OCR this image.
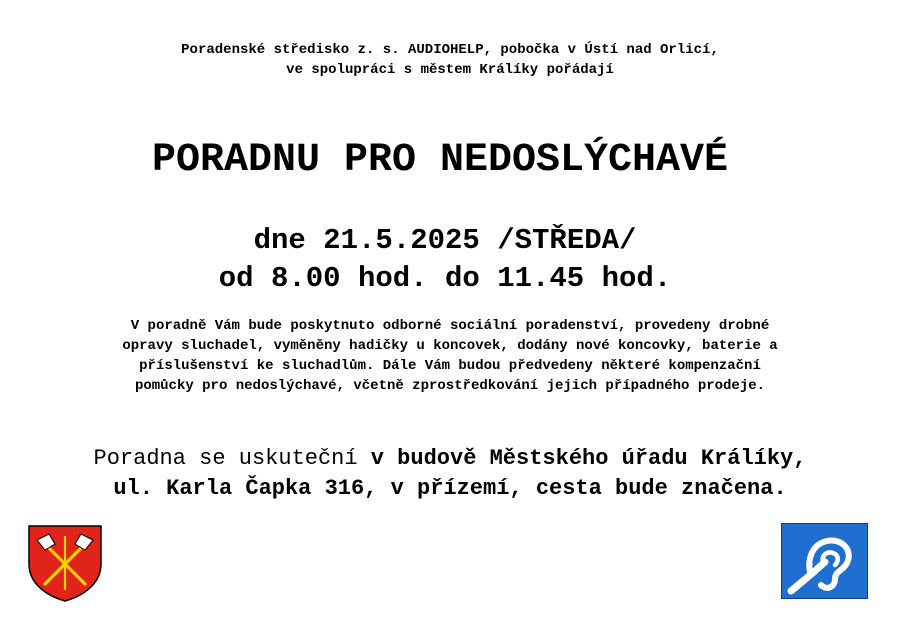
Poradenské středisko z. s. AUDIOHELP, pobočka v Ústí nad Orlicí,
ve spolupráci s městem Králíky pořádají
PORADNU PRO NEDOSLÝCHAVÉ
dne 21.5.2025 /STŘEDA/
od 8.00 hod. do 11.45 hod.
V poradně Vám bude poskytnuto odborné sociální poradenství, provedeny drobné
opravy sluchadel, vyměněny hadičky u koncovek, dodány nové koncovky, baterie a
příslušenství ke sluchadlům. Dále Vám budou předvedeny některé kompenzační
pomůcky pro nedoslýchavé, včetně zprostředkování jejich případného prodeje.
Poradna se uskuteční v budově Městského úřadu Králíky,
ul. Karla Čapka 316, v přízemí, cesta bude značena.
